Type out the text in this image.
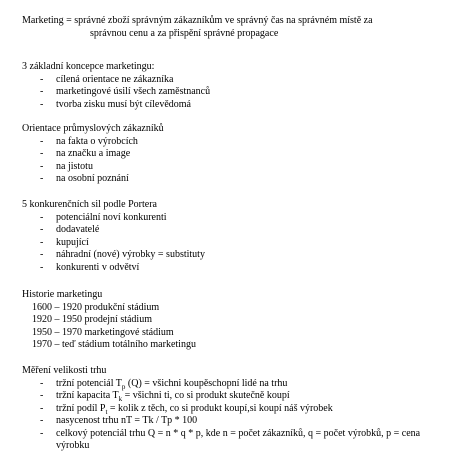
Marketing = správné zboží správným zákazníkům ve správný čas na správném místě za
správnou cenu a za přispění správné propagace
3 základní koncepce marketingu:
- cílená orientace ne zákazníka
- marketingové úsilí všech zaměstnanců
- tvorba zisku musí být cílevědomá
Orientace průmyslových zákazníků
- na fakta o výrobcích
- na značku a image
- na jistotu
- na osobní poznání
5 konkurenčních sil podle Portera
- potenciální noví konkurenti
- dodavatelé
- kupující
- náhradní (nové) výrobky = substituty
- konkurenti v odvětví
Historie marketingu
1600 – 1920 produkční stádium
1920 – 1950 prodejní stádium
1950 – 1970 marketingové stádium
1970 – teď stádium totálního marketingu
Měření velikosti trhu
- tržní potenciál $T_p$ (Q) = všichni koupěschopní lidé na trhu
- tržní kapacita $T_k$ = všichni ti, co si produkt skutečně koupí
- tržní podíl $P_t$ = kolik z těch, co si produkt koupí,si koupí náš výrobek
- nasycenost trhu nT = Tk / Tp * 100
- celkový potenciál trhu Q = n * q * p, kde n = počet zákazníků, q = počet výrobků, p = cena výrobku
